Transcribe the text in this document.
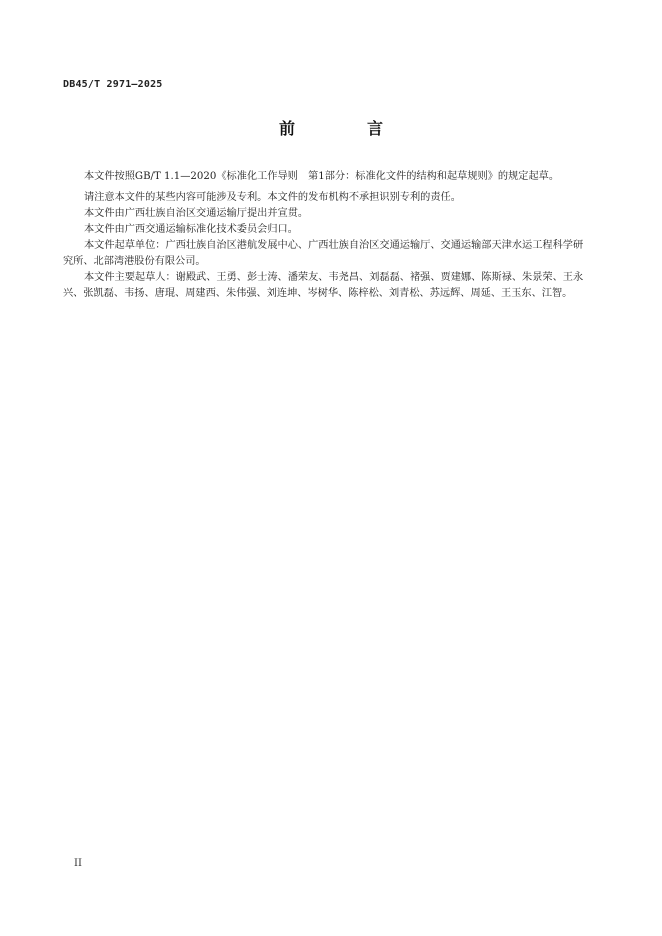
DB45/T 2971—2025
前　言

本文件按照GB/T 1.1—2020《标准化工作导则　第1部分：标准化文件的结构和起草规则》的规定起草。

请注意本文件的某些内容可能涉及专利。本文件的发布机构不承担识别专利的责任。

本文件由广西壮族自治区交通运输厅提出并宣贯。

本文件由广西交通运输标准化技术委员会归口。

本文件起草单位：广西壮族自治区港航发展中心、广西壮族自治区交通运输厅、交通运输部天津水运工程科学研究所、北部湾港股份有限公司。

本文件主要起草人：谢殿武、王勇、彭士涛、潘荣友、韦尧昌、刘磊磊、褚强、贾建娜、陈斯禄、朱景荣、王永兴、张凯磊、韦扬、唐琨、周建西、朱伟强、刘连坤、岑树华、陈梓松、刘青松、苏远辉、周延、王玉东、江智。

II
